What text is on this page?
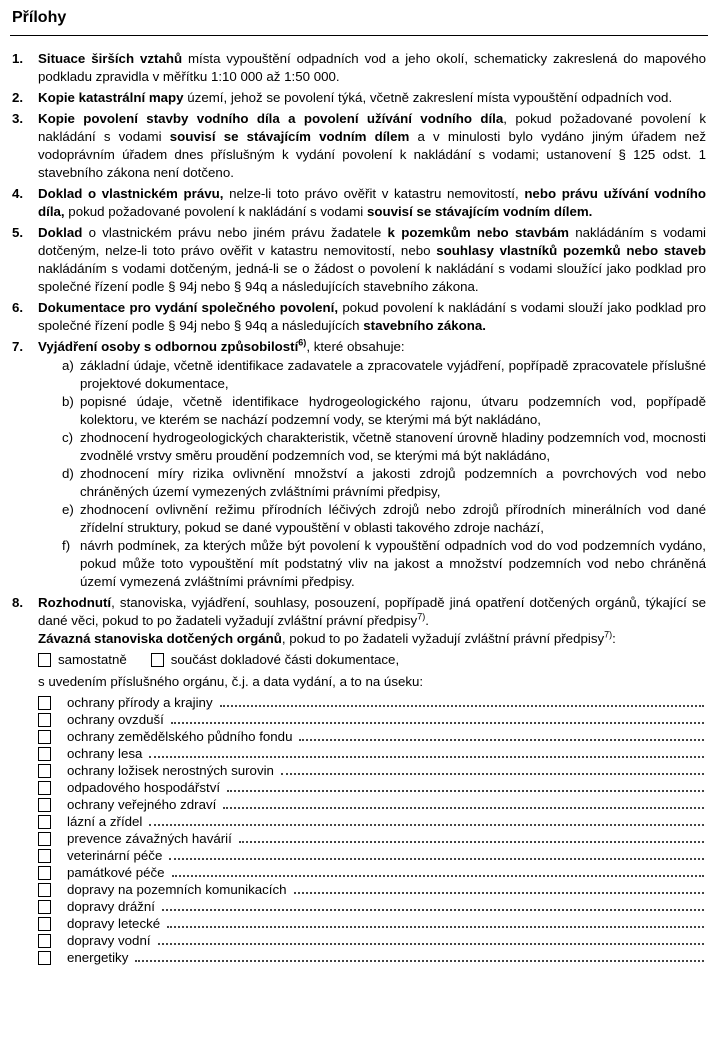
Přílohy
1.	Situace širších vztahů místa vypouštění odpadních vod a jeho okolí, schematicky zakreslená do mapového podkladu zpravidla v měřítku 1:10 000 až 1:50 000.
2.	Kopie katastrální mapy území, jehož se povolení týká, včetně zakreslení místa vypouštění odpadních vod.
3.	Kopie povolení stavby vodního díla a povolení užívání vodního díla, pokud požadované povolení k nakládání s vodami souvisí se stávajícím vodním dílem a v minulosti bylo vydáno jiným úřadem než vodoprávním úřadem dnes příslušným k vydání povolení k nakládání s vodami; ustanovení § 125 odst. 1 stavebního zákona není dotčeno.
4.	Doklad o vlastnickém právu, nelze-li toto právo ověřit v katastru nemovitostí, nebo právu užívání vodního díla, pokud požadované povolení k nakládání s vodami souvisí se stávajícím vodním dílem.
5.	Doklad o vlastnickém právu nebo jiném právu žadatele k pozemkům nebo stavbám nakládáním s vodami dotčeným, nelze-li toto právo ověřit v katastru nemovitostí, nebo souhlasy vlastníků pozemků nebo staveb nakládáním s vodami dotčeným, jedná-li se o žádost o povolení k nakládání s vodami sloužící jako podklad pro společné řízení podle § 94j nebo § 94q a následujících stavebního zákona.
6.	Dokumentace pro vydání společného povolení, pokud povolení k nakládání s vodami slouží jako podklad pro společné řízení podle § 94j nebo § 94q a následujících stavebního zákona.
7.	Vyjádření osoby s odbornou způsobilostí$^{6)}$, které obsahuje:
a) základní údaje, včetně identifikace zadavatele a zpracovatele vyjádření, popřípadě zpracovatele příslušné projektové dokumentace,
b) popisné údaje, včetně identifikace hydrogeologického rajonu, útvaru podzemních vod, popřípadě kolektoru, ve kterém se nachází podzemní vody, se kterými má být nakládáno,
c) zhodnocení hydrogeologických charakteristik, včetně stanovení úrovně hladiny podzemních vod, mocnosti zvodnělé vrstvy směru proudění podzemních vod, se kterými má být nakládáno,
d) zhodnocení míry rizika ovlivnění množství a jakosti zdrojů podzemních a povrchových vod nebo chráněných území vymezených zvláštními právními předpisy,
e) zhodnocení ovlivnění režimu přírodních léčivých zdrojů nebo zdrojů přírodních minerálních vod dané zřídelní struktury, pokud se dané vypouštění v oblasti takového zdroje nachází,
f) návrh podmínek, za kterých může být povolení k vypouštění odpadních vod do vod podzemních vydáno, pokud může toto vypouštění mít podstatný vliv na jakost a množství podzemních vod nebo chráněná území vymezená zvláštními právními předpisy.
8.	Rozhodnutí, stanoviska, vyjádření, souhlasy, posouzení, popřípadě jiná opatření dotčených orgánů, týkající se dané věci, pokud to po žadateli vyžadují zvláštní právní předpisy$^{7)}$.
Závazná stanoviska dotčených orgánů, pokud to po žadateli vyžadují zvláštní právní předpisy$^{7)}$:
samostatně	součást dokladové části dokumentace,
s uvedením příslušného orgánu, č.j. a data vydání, a to na úseku:
ochrany přírody a krajiny
ochrany ovzduší
ochrany zemědělského půdního fondu
ochrany lesa
ochrany ložisek nerostných surovin
odpadového hospodářství
ochrany veřejného zdraví
lázní a zřídel
prevence závažných havárií
veterinární péče
památkové péče
dopravy na pozemních komunikacích
dopravy drážní
dopravy letecké
dopravy vodní
energetiky
